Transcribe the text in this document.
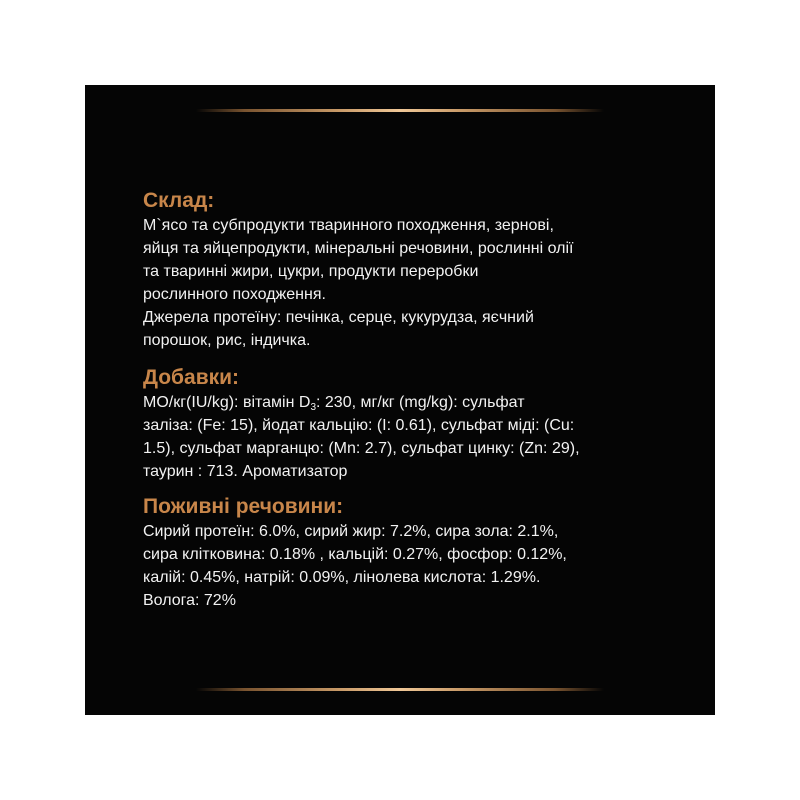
Склад:
М`ясо та субпродукти тваринного походження, зернові,
яйця та яйцепродукти, мінеральні речовини, рослинні олії
та тваринні жири, цукри, продукти переробки
рослинного походження.
Джерела протеїну: печінка, серце, кукурудза, яєчний
порошок, рис, індичка.
Добавки:
МО/кг(IU/kg): вітамін $D_3$: 230, мг/кг (mg/kg): сульфат
заліза: (Fe: 15), йодат кальцію: (I: 0.61), сульфат міді: (Cu:
1.5), сульфат марганцю: (Mn: 2.7), сульфат цинку: (Zn: 29),
таурин : 713. Ароматизатор
Поживні речовини:
Сирий протеїн: 6.0%, сирий жир: 7.2%, сира зола: 2.1%,
сира клітковина: 0.18% , кальцій: 0.27%, фосфор: 0.12%,
калій: 0.45%, натрій: 0.09%, лінолева кислота: 1.29%.
Волога: 72%
